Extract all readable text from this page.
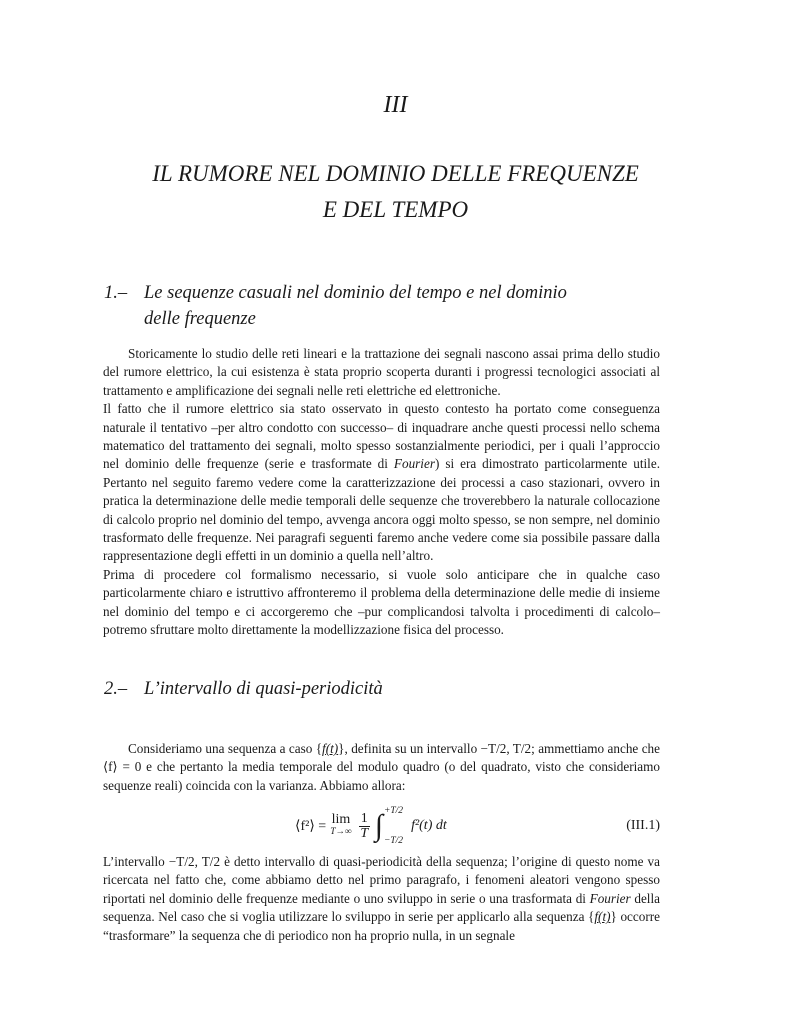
III
IL RUMORE NEL DOMINIO DELLE FREQUENZE
E DEL TEMPO
1.– Le sequenze casuali nel dominio del tempo e nel dominio
delle frequenze

Storicamente lo studio delle reti lineari e la trattazione dei segnali nascono assai prima dello studio del rumore elettrico, la cui esistenza è stata proprio scoperta duranti i progressi tecnologici associati al trattamento e amplificazione dei segnali nelle reti elettriche ed elettroniche.

Il fatto che il rumore elettrico sia stato osservato in questo contesto ha portato come conseguenza naturale il tentativo –per altro condotto con successo– di inquadrare anche questi processi nello schema matematico del trattamento dei segnali, molto spesso sostanzialmente periodici, per i quali l’approccio nel dominio delle frequenze (serie e trasformate di Fourier) si era dimostrato particolarmente utile. Pertanto nel seguito faremo vedere come la caratterizzazione dei processi a caso stazionari, ovvero in pratica la determinazione delle medie temporali delle sequenze che troverebbero la naturale collocazione di calcolo proprio nel dominio del tempo, avvenga ancora oggi molto spesso, se non sempre, nel dominio trasformato delle frequenze. Nei paragrafi seguenti faremo anche vedere come sia possibile passare dalla rappresentazione degli effetti in un dominio a quella nell’altro.

Prima di procedere col formalismo necessario, si vuole solo anticipare che in qualche caso particolarmente chiaro e istruttivo affronteremo il problema della determinazione delle medie di insieme nel dominio del tempo e ci accorgeremo che –pur complicandosi talvolta i procedimenti di calcolo– potremo sfruttare molto direttamente la modellizzazione fisica del processo.

2.– L’intervallo di quasi-periodicità

Consideriamo una sequenza a caso {f(t)}, definita su un intervallo −T/2, T/2; ammettiamo anche che ⟨f⟩ = 0 e che pertanto la media temporale del modulo quadro (o del quadrato, visto che consideriamo sequenze reali) coincida con la varianza. Abbiamo allora:

⟨f²⟩ = lim
$T\to\infty \frac{1}{T}$ ∫ +T/2
−T/2
f²(t) dt	(III.1)

L’intervallo −T/2, T/2 è detto intervallo di quasi-periodicità della sequenza; l’origine di questo nome va ricercata nel fatto che, come abbiamo detto nel primo paragrafo, i fenomeni aleatori vengono spesso riportati nel dominio delle frequenze mediante o uno sviluppo in serie o una trasformata di Fourier della sequenza. Nel caso che si voglia utilizzare lo sviluppo in serie per applicarlo alla sequenza {f(t)} occorre “trasformare” la sequenza che di periodico non ha proprio nulla, in un segnale
